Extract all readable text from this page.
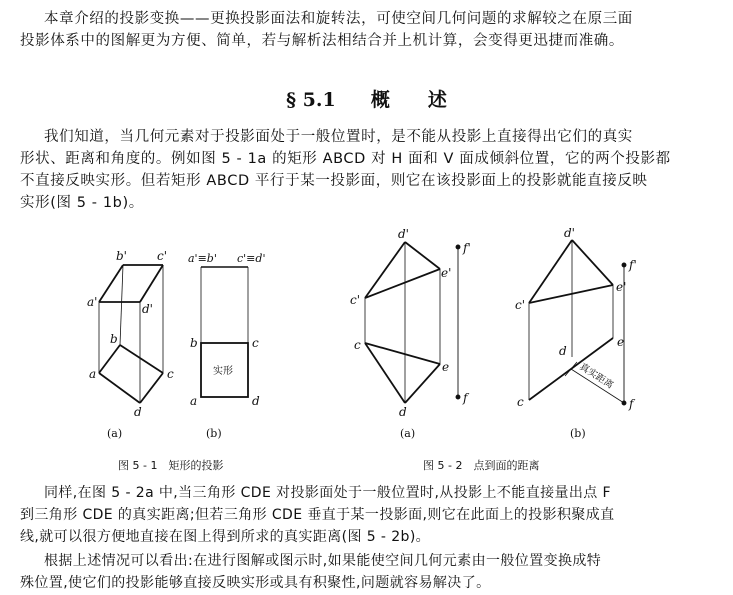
本章介绍的投影变换——更换投影面法和旋转法，可使空间几何问题的求解较之在原三面
投影体系中的图解更为方便、简单，若与解析法相结合并上机计算，会变得更迅捷而准确。
§ 5.1 概　　述
我们知道，当几何元素对于投影面处于一般位置时，是不能从投影上直接得出它们的真实
形状、距离和角度的。例如图 5 - 1a 的矩形 ABCD 对 H 面和 V 面成倾斜位置，它的两个投影都
不直接反映实形。但若矩形 ABCD 平行于某一投影面，则它在该投影面上的投影就能直接反映
实形(图 5 - 1b)。
b'	c'
a'	d'
b
a	c
d
(a)
a'≡b' c'≡d'
b	c
a	d
实形
(b)
图 5 - 1　矩形的投影
d'
f'
e'
c'
c
e
f
d
(a)
d'
f'
e'
c'
e
d
c	f
真实距离
(b)
图 5 - 2　点到面的距离
同样,在图 5 - 2a 中,当三角形 CDE 对投影面处于一般位置时,从投影上不能直接量出点 F
到三角形 CDE 的真实距离;但若三角形 CDE 垂直于某一投影面,则它在此面上的投影积聚成直
线,就可以很方便地直接在图上得到所求的真实距离(图 5 - 2b)。
根据上述情况可以看出:在进行图解或图示时,如果能使空间几何元素由一般位置变换成特
殊位置,使它们的投影能够直接反映实形或具有积聚性,问题就容易解决了。
